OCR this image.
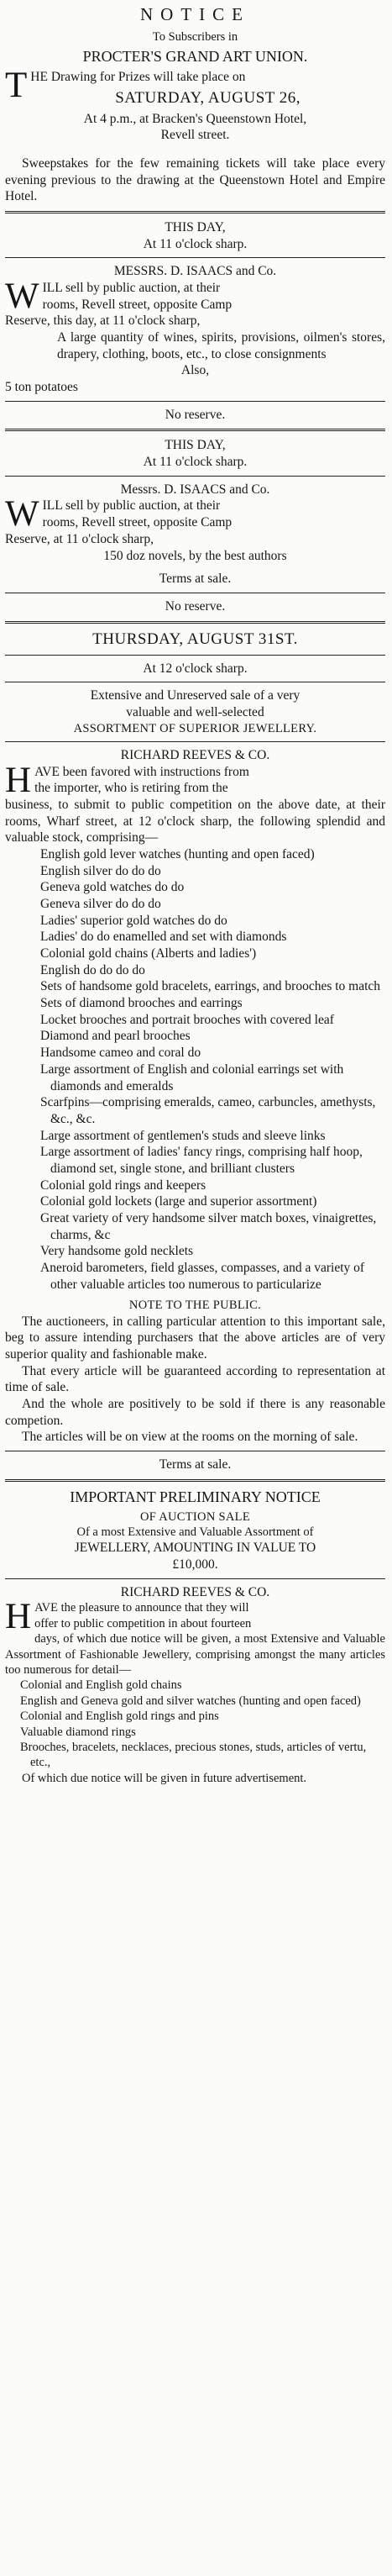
NOTICE
To Subscribers in
PROCTER'S GRAND ART UNION.

THE Drawing for Prizes will take place on

SATURDAY, AUGUST 26,
At 4 p.m., at Bracken's Queenstown Hotel,
Revell street.

Sweepstakes for the few remaining tickets will take place every evening previous to the drawing at the Queenstown Hotel and Empire Hotel.

THIS DAY,
At 11 o'clock sharp.
MESSRS. D. ISAACS and Co.

WILL sell by public auction, at their
rooms, Revell street, opposite Camp

Reserve, this day, at 11 o'clock sharp,

A large quantity of wines, spirits, provisions, oilmen's stores, drapery, clothing, boots, etc., to close consignments

Also,

5 ton potatoes

No reserve.
THIS DAY,
At 11 o'clock sharp.
Messrs. D. ISAACS and Co.

WILL sell by public auction, at their
rooms, Revell street, opposite Camp

Reserve, at 11 o'clock sharp,

150 doz novels, by the best authors

Terms at sale.
No reserve.
THURSDAY, AUGUST 31ST.
At 12 o'clock sharp.
Extensive and Unreserved sale of a very
valuable and well-selected
ASSORTMENT OF SUPERIOR JEWELLERY.
RICHARD REEVES & CO.

HAVE been favored with instructions from
the importer, who is retiring from the

business, to submit to public competition on the above date, at their rooms, Wharf street, at 12 o'clock sharp, the following splendid and valuable stock, comprising—

English gold lever watches (hunting and open faced)

English silver do do do

Geneva gold watches do do

Geneva silver do do do

Ladies' superior gold watches do do

Ladies' do do enamelled and set with diamonds

Colonial gold chains (Alberts and ladies')

English do do do do

Sets of handsome gold bracelets, earrings, and brooches to match

Sets of diamond brooches and earrings

Locket brooches and portrait brooches with covered leaf

Diamond and pearl brooches

Handsome cameo and coral do

Large assortment of English and colonial earrings set with diamonds and emeralds

Scarfpins—comprising emeralds, cameo, carbuncles, amethysts, &c., &c.

Large assortment of gentlemen's studs and sleeve links

Large assortment of ladies' fancy rings, comprising half hoop, diamond set, single stone, and brilliant clusters

Colonial gold rings and keepers

Colonial gold lockets (large and superior assortment)

Great variety of very handsome silver match boxes, vinaigrettes, charms, &c

Very handsome gold necklets

Aneroid barometers, field glasses, compasses, and a variety of other valuable articles too numerous to particularize

NOTE TO THE PUBLIC.

The auctioneers, in calling particular attention to this important sale, beg to assure intending purchasers that the above articles are of very superior quality and fashionable make.

That every article will be guaranteed according to representation at time of sale.

And the whole are positively to be sold if there is any reasonable competion.

The articles will be on view at the rooms on the morning of sale.

Terms at sale.
IMPORTANT PRELIMINARY NOTICE
OF AUCTION SALE
Of a most Extensive and Valuable Assortment of
JEWELLERY, AMOUNTING IN VALUE TO
£10,000.
RICHARD REEVES & CO.

HAVE the pleasure to announce that they will
offer to public competition in about fourteen

days, of which due notice will be given, a most Extensive and Valuable Assortment of Fashionable Jewellery, comprising amongst the many articles too numerous for detail—

Colonial and English gold chains

English and Geneva gold and silver watches (hunting and open faced)

Colonial and English gold rings and pins

Valuable diamond rings

Brooches, bracelets, necklaces, precious stones, studs, articles of vertu, etc.,

Of which due notice will be given in future advertisement.
